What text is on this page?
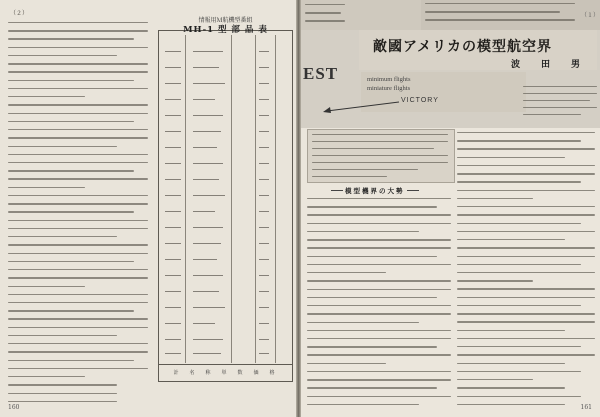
（２）
情報用Ｍ航機型番組
MH-1 型 部 品 表
計　名　称　単　数　価　格
160
EST	minimum flights
miniature flights
VICTORY
敵國アメリカの模型航空界
波　田　男
（１）
模型機界の大勢
161
